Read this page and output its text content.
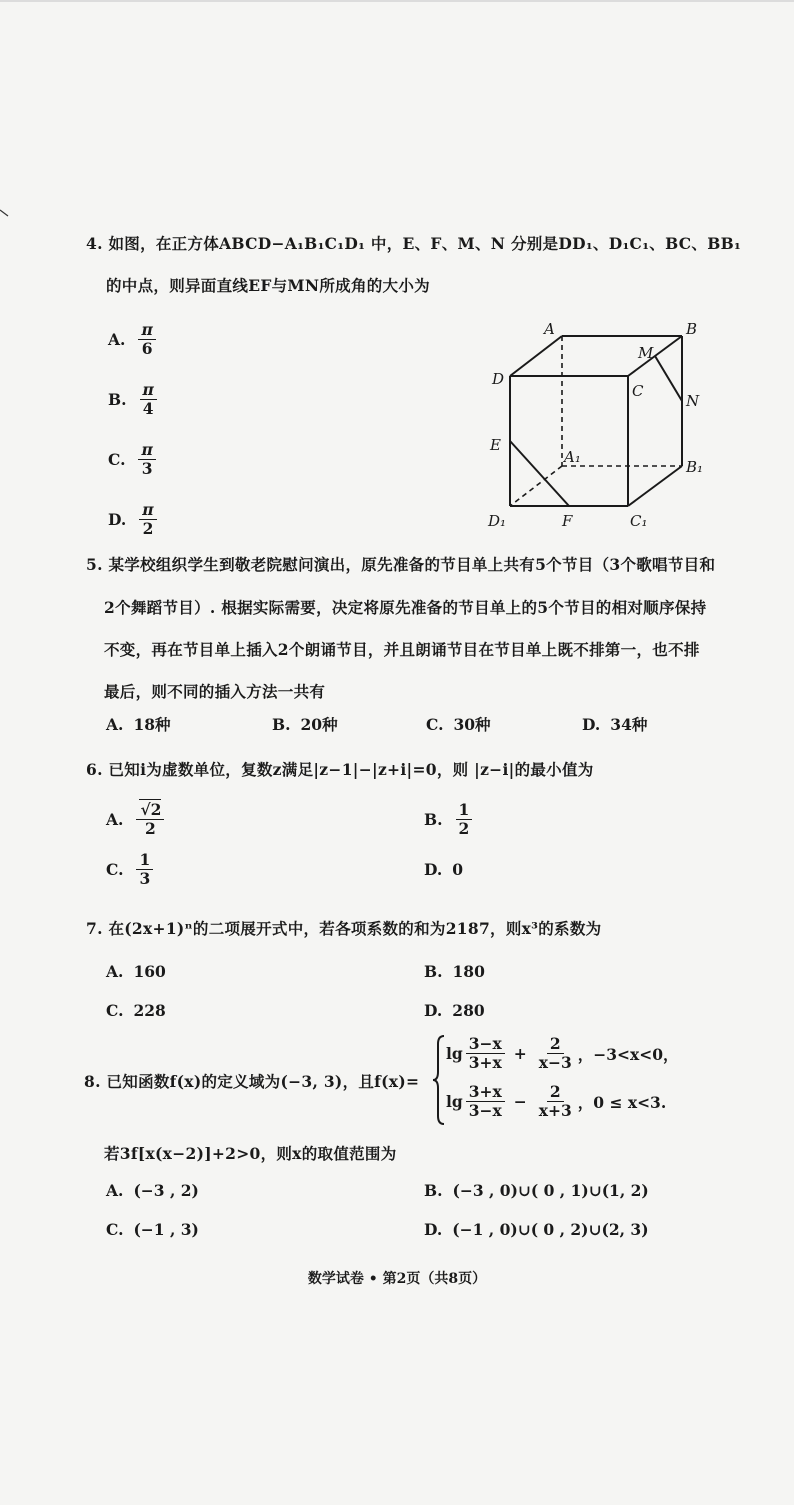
4. 如图，在正方体ABCD−A₁B₁C₁D₁ 中，E、F、M、N 分别是DD₁、D₁C₁、BC、BB₁
的中点，则异面直线EF与MN所成角的大小为
A. $\frac{\pi}{6}$
B. $\frac{\pi}{4}$
C. $\frac{\pi}{3}$
D. $\frac{\pi}{2}$
A	B
D
C
M
N
E
A₁
B₁
D₁	F	C₁
5. 某学校组织学生到敬老院慰问演出，原先准备的节目单上共有5个节目（3个歌唱节目和
2个舞蹈节目）. 根据实际需要，决定将原先准备的节目单上的5个节目的相对顺序保持
不变，再在节目单上插入2个朗诵节目，并且朗诵节目在节目单上既不排第一，也不排
最后，则不同的插入方法一共有
A. 18种	B. 20种	C. 30种	D. 34种
6. 已知i为虚数单位，复数z满足|z−1|−|z+i|=0，则 |z−i|的最小值为
A. $\frac{√2}{2}$	B. $\frac{1}{2}$
C. $\frac{1}{3}$	D. 0
7. 在(2x+1)ⁿ的二项展开式中，若各项系数的和为2187，则x³的系数为
A. 160	B. 180
C. 228	D. 280
8. 已知函数f(x)的定义域为(−3, 3)，且f(x)=
$\lg \frac{3-x}{3+x} + \frac{2}{x-3}$ ，−3<x<0，
$\lg \frac{3+x}{3-x} - \frac{2}{x+3}$ ，0 ≤ x<3.
若3f[x(x−2)]+2>0，则x的取值范围为
A. (−3 , 2)	B. (−3 , 0)∪( 0 , 1)∪(1, 2)
C. (−1 , 3)	D. (−1 , 0)∪( 0 , 2)∪(2, 3)
数学试卷 • 第2页（共8页）
